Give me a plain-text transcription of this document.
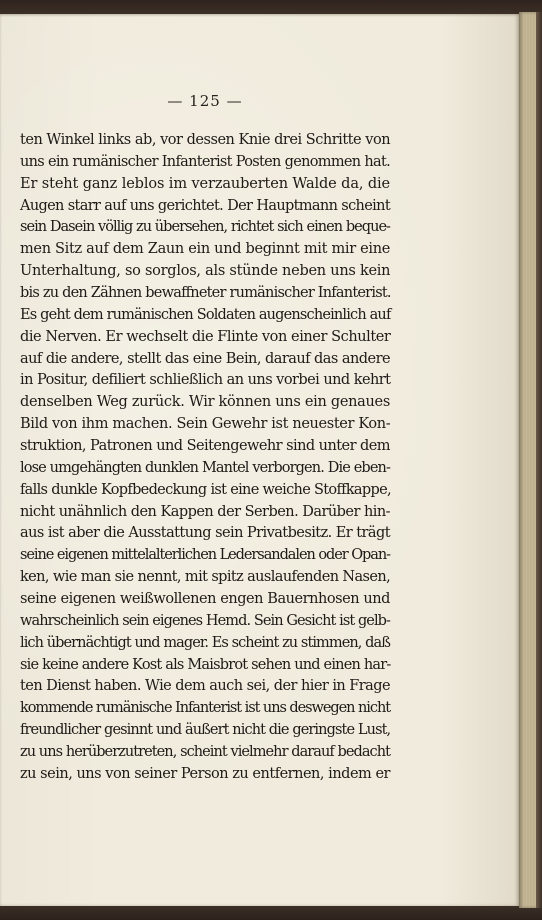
— 125 —
ten Winkel links ab, vor dessen Knie drei Schritte von
uns ein rumänischer Infanterist Posten genommen hat.
Er steht ganz leblos im verzauberten Walde da, die
Augen starr auf uns gerichtet. Der Hauptmann scheint
sein Dasein völlig zu übersehen, richtet sich einen beque-
men Sitz auf dem Zaun ein und beginnt mit mir eine
Unterhaltung, so sorglos, als stünde neben uns kein
bis zu den Zähnen bewaffneter rumänischer Infanterist.
Es geht dem rumänischen Soldaten augenscheinlich auf
die Nerven. Er wechselt die Flinte von einer Schulter
auf die andere, stellt das eine Bein, darauf das andere
in Positur, defiliert schließlich an uns vorbei und kehrt
denselben Weg zurück. Wir können uns ein genaues
Bild von ihm machen. Sein Gewehr ist neuester Kon-
struktion, Patronen und Seitengewehr sind unter dem
lose umgehängten dunklen Mantel verborgen. Die eben-
falls dunkle Kopfbedeckung ist eine weiche Stoffkappe,
nicht unähnlich den Kappen der Serben. Darüber hin-
aus ist aber die Ausstattung sein Privatbesitz. Er trägt
seine eigenen mittelalterlichen Ledersandalen oder Opan-
ken, wie man sie nennt, mit spitz auslaufenden Nasen,
seine eigenen weißwollenen engen Bauernhosen und
wahrscheinlich sein eigenes Hemd. Sein Gesicht ist gelb-
lich übernächtigt und mager. Es scheint zu stimmen, daß
sie keine andere Kost als Maisbrot sehen und einen har-
ten Dienst haben. Wie dem auch sei, der hier in Frage
kommende rumänische Infanterist ist uns deswegen nicht
freundlicher gesinnt und äußert nicht die geringste Lust,
zu uns herüberzutreten, scheint vielmehr darauf bedacht
zu sein, uns von seiner Person zu entfernen, indem er
